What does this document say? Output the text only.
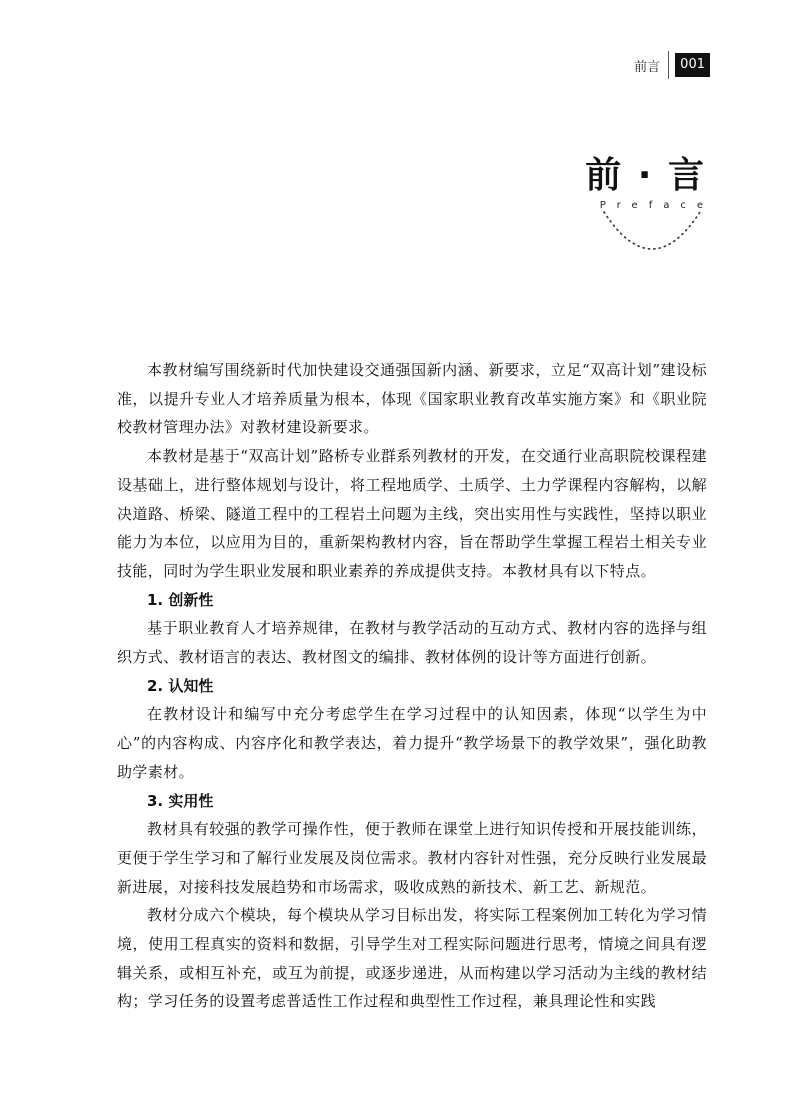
前言	001
前 · 言
Preface

本教材编写围绕新时代加快建设交通强国新内涵、新要求，立足“双高计划”建设标准，以提升专业人才培养质量为根本，体现《国家职业教育改革实施方案》和《职业院校教材管理办法》对教材建设新要求。

本教材是基于“双高计划”路桥专业群系列教材的开发，在交通行业高职院校课程建设基础上，进行整体规划与设计，将工程地质学、土质学、土力学课程内容解构，以解决道路、桥梁、隧道工程中的工程岩土问题为主线，突出实用性与实践性，坚持以职业能力为本位，以应用为目的，重新架构教材内容，旨在帮助学生掌握工程岩土相关专业技能，同时为学生职业发展和职业素养的养成提供支持。本教材具有以下特点。

1. 创新性

基于职业教育人才培养规律，在教材与教学活动的互动方式、教材内容的选择与组织方式、教材语言的表达、教材图文的编排、教材体例的设计等方面进行创新。

2. 认知性

在教材设计和编写中充分考虑学生在学习过程中的认知因素，体现“以学生为中心”的内容构成、内容序化和教学表达，着力提升“教学场景下的教学效果”，强化助教助学素材。

3. 实用性

教材具有较强的教学可操作性，便于教师在课堂上进行知识传授和开展技能训练，更便于学生学习和了解行业发展及岗位需求。教材内容针对性强，充分反映行业发展最新进展，对接科技发展趋势和市场需求，吸收成熟的新技术、新工艺、新规范。

教材分成六个模块，每个模块从学习目标出发，将实际工程案例加工转化为学习情境，使用工程真实的资料和数据，引导学生对工程实际问题进行思考，情境之间具有逻辑关系，或相互补充，或互为前提，或逐步递进，从而构建以学习活动为主线的教材结构；学习任务的设置考虑普适性工作过程和典型性工作过程，兼具理论性和实践
